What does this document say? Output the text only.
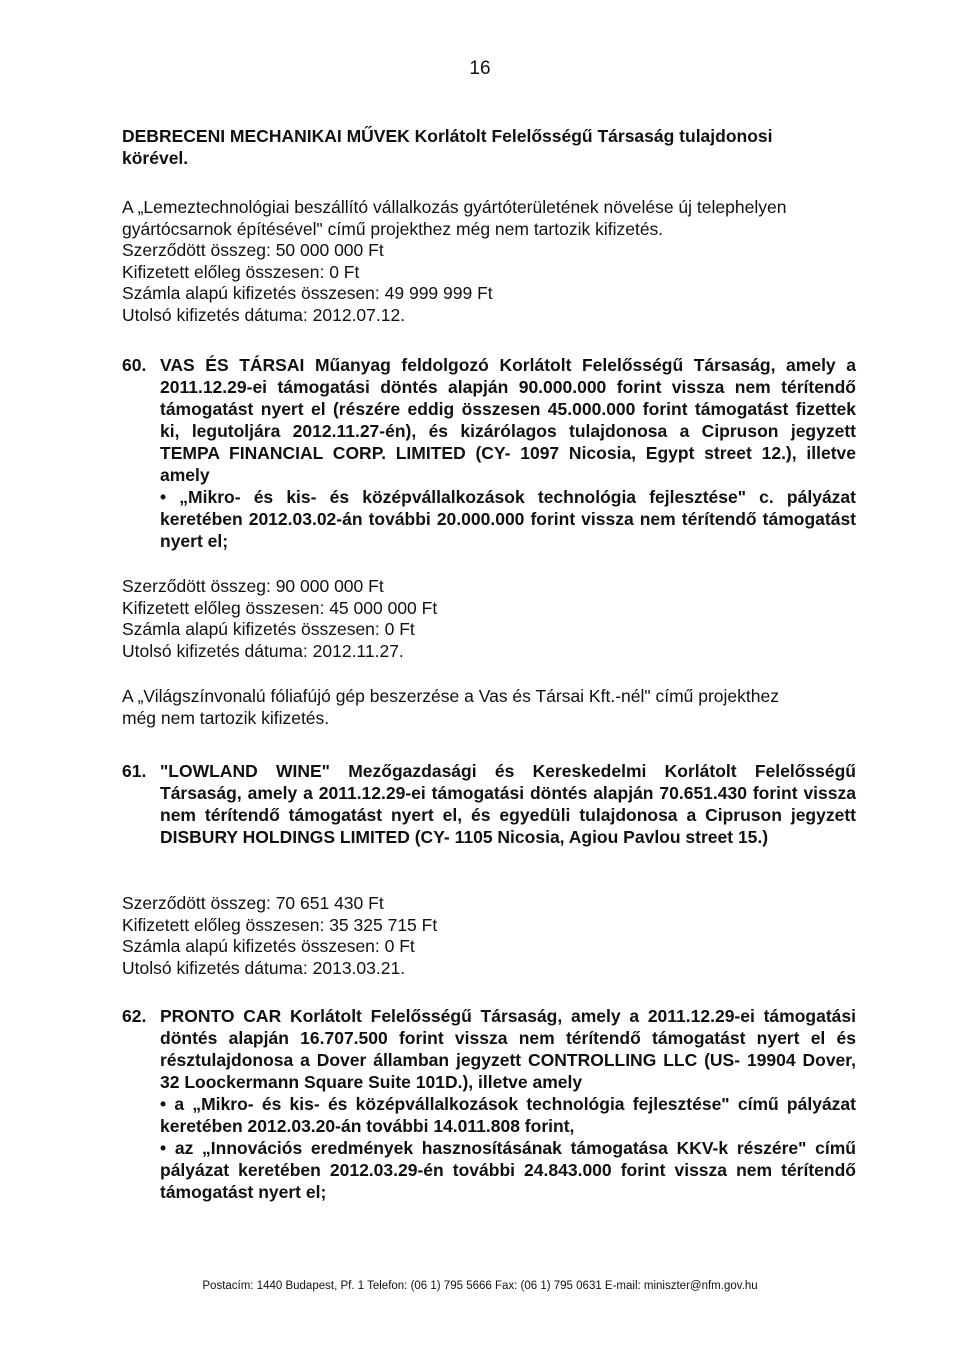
16
DEBRECENI MECHANIKAI MŰVEK Korlátolt Felelősségű Társaság tulajdonosi
körével.
A „Lemeztechnológiai beszállító vállalkozás gyártóterületének növelése új telephelyen
gyártócsarnok építésével" című projekthez még nem tartozik kifizetés.
Szerződött összeg: 50 000 000 Ft
Kifizetett előleg összesen: 0 Ft
Számla alapú kifizetés összesen: 49 999 999 Ft
Utolsó kifizetés dátuma: 2012.07.12.
60. VAS ÉS TÁRSAI Műanyag feldolgozó Korlátolt Felelősségű Társaság, amely a 2011.12.29-ei támogatási döntés alapján 90.000.000 forint vissza nem térítendő támogatást nyert el (részére eddig összesen 45.000.000 forint támogatást fizettek ki, legutoljára 2012.11.27-én), és kizárólagos tulajdonosa a Cipruson jegyzett TEMPA FINANCIAL CORP. LIMITED (CY- 1097 Nicosia, Egypt street 12.), illetve amely
• „Mikro- és kis- és középvállalkozások technológia fejlesztése" c. pályázat keretében 2012.03.02-án további 20.000.000 forint vissza nem térítendő támogatást nyert el;
Szerződött összeg: 90 000 000 Ft
Kifizetett előleg összesen: 45 000 000 Ft
Számla alapú kifizetés összesen: 0 Ft
Utolsó kifizetés dátuma: 2012.11.27.
A „Világszínvonalú fóliafújó gép beszerzése a Vas és Társai Kft.-nél" című projekthez
még nem tartozik kifizetés.
61. "LOWLAND WINE" Mezőgazdasági és Kereskedelmi Korlátolt Felelősségű Társaság, amely a 2011.12.29-ei támogatási döntés alapján 70.651.430 forint vissza nem térítendő támogatást nyert el, és egyedüli tulajdonosa a Cipruson jegyzett DISBURY HOLDINGS LIMITED (CY- 1105 Nicosia, Agiou Pavlou street 15.)
Szerződött összeg: 70 651 430 Ft
Kifizetett előleg összesen: 35 325 715 Ft
Számla alapú kifizetés összesen: 0 Ft
Utolsó kifizetés dátuma: 2013.03.21.
62. PRONTO CAR Korlátolt Felelősségű Társaság, amely a 2011.12.29-ei támogatási döntés alapján 16.707.500 forint vissza nem térítendő támogatást nyert el és résztulajdonosa a Dover államban jegyzett CONTROLLING LLC (US- 19904 Dover, 32 Loockermann Square Suite 101D.), illetve amely
• a „Mikro- és kis- és középvállalkozások technológia fejlesztése" című pályázat keretében 2012.03.20-án további 14.011.808 forint,
• az „Innovációs eredmények hasznosításának támogatása KKV-k részére" című pályázat keretében 2012.03.29-én további 24.843.000 forint vissza nem térítendő támogatást nyert el;
Postacím: 1440 Budapest, Pf. 1 Telefon: (06 1) 795 5666 Fax: (06 1) 795 0631 E-mail: miniszter@nfm.gov.hu
